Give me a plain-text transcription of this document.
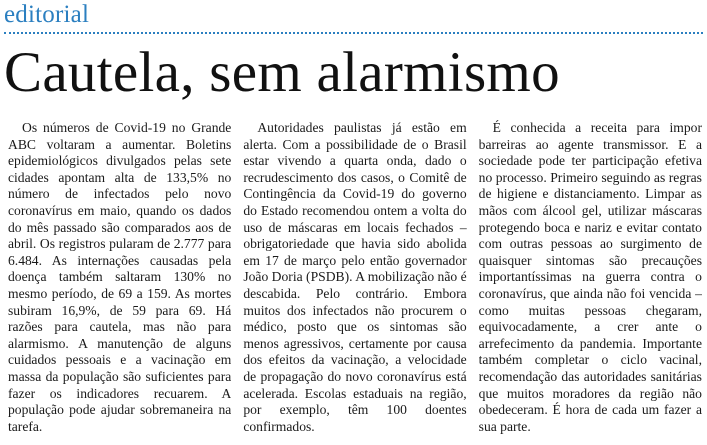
editorial
Cautela, sem alarmismo

Os números de Covid-19 no Grande ABC voltaram a aumentar. Boletins epidemiológicos divulgados pelas sete cidades apontam alta de 133,5% no número de infectados pelo novo coronavírus em maio, quando os dados do mês passado são comparados aos de abril. Os registros pularam de 2.777 para 6.484. As internações causadas pela doença também saltaram 130% no mesmo período, de 69 a 159. As mortes subiram 16,9%, de 59 para 69. Há razões para cautela, mas não para alarmismo. A manutenção de alguns cuidados pessoais e a vacinação em massa da população são suficientes para fazer os indicadores recuarem. A população pode ajudar sobremaneira na tarefa.

Autoridades paulistas já estão em alerta. Com a possibilidade de o Brasil estar vivendo a quarta onda, dado o recrudescimento dos casos, o Comitê de Contingência da Covid-19 do governo do Estado recomendou ontem a volta do uso de máscaras em locais fechados – obrigatoriedade que havia sido abolida em 17 de março pelo então governador João Doria (PSDB). A mobilização não é descabida. Pelo contrário. Embora muitos dos infectados não procurem o médico, posto que os sintomas são menos agressivos, certamente por causa dos efeitos da vacinação, a velocidade de propagação do novo coronavírus está acelerada. Escolas estaduais na região, por exemplo, têm 100 doentes confirmados.

É conhecida a receita para impor barreiras ao agente transmissor. E a sociedade pode ter participação efetiva no processo. Primeiro seguindo as regras de higiene e distanciamento. Limpar as mãos com álcool gel, utilizar máscaras protegendo boca e nariz e evitar contato com outras pessoas ao surgimento de quaisquer sintomas são precauções importantíssimas na guerra contra o coronavírus, que ainda não foi vencida – como muitas pessoas chegaram, equivocadamente, a crer ante o arrefecimento da pandemia. Importante também completar o ciclo vacinal, recomendação das autoridades sanitárias que muitos moradores da região não obedeceram. É hora de cada um fazer a sua parte.
